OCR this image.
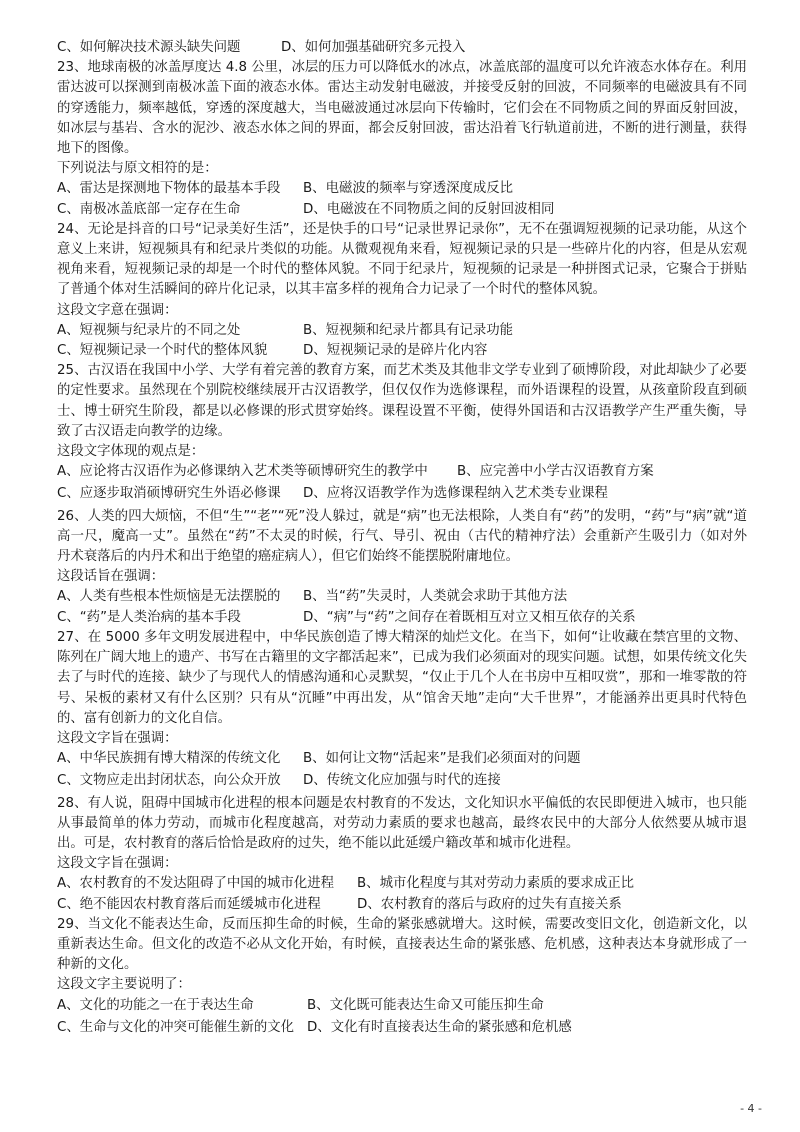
C、如何解决技术源头缺失问题	D、如何加强基础研究多元投入

23、地球南极的冰盖厚度达 4.8 公里，冰层的压力可以降低水的冰点，冰盖底部的温度可以允许液态水体存在。利用雷达波可以探测到南极冰盖下面的液态水体。雷达主动发射电磁波，并接受反射的回波，不同频率的电磁波具有不同的穿透能力，频率越低，穿透的深度越大，当电磁波通过冰层向下传输时，它们会在不同物质之间的界面反射回波，如冰层与基岩、含水的泥沙、液态水体之间的界面，都会反射回波，雷达沿着飞行轨道前进，不断的进行测量，获得地下的图像。

下列说法与原文相符的是：

A、雷达是探测地下物体的最基本手段	B、电磁波的频率与穿透深度成反比
C、南极冰盖底部一定存在生命	D、电磁波在不同物质之间的反射回波相同

24、无论是抖音的口号“记录美好生活”，还是快手的口号“记录世界记录你”，无不在强调短视频的记录功能，从这个意义上来讲，短视频具有和纪录片类似的功能。从微观视角来看，短视频记录的只是一些碎片化的内容，但是从宏观视角来看，短视频记录的却是一个时代的整体风貌。不同于纪录片，短视频的记录是一种拼图式记录，它聚合于拼贴了普通个体对生活瞬间的碎片化记录，以其丰富多样的视角合力记录了一个时代的整体风貌。

这段文字意在强调：

A、短视频与纪录片的不同之处	B、短视频和纪录片都具有记录功能
C、短视频记录一个时代的整体风貌	D、短视频记录的是碎片化内容

25、古汉语在我国中小学、大学有着完善的教育方案，而艺术类及其他非文学专业到了硕博阶段，对此却缺少了必要的定性要求。虽然现在个别院校继续展开古汉语教学，但仅仅作为选修课程，而外语课程的设置，从孩童阶段直到硕士、博士研究生阶段，都是以必修课的形式贯穿始终。课程设置不平衡，使得外国语和古汉语教学产生严重失衡，导致了古汉语走向教学的边缘。

这段文字体现的观点是：

A、应论将古汉语作为必修课纳入艺术类等硕博研究生的教学中	B、应完善中小学古汉语教育方案
C、应逐步取消硕博研究生外语必修课	D、应将汉语教学作为选修课程纳入艺术类专业课程

26、人类的四大烦恼，不但“生”“老”“死”没人躲过，就是“病”也无法根除，人类自有“药”的发明，“药”与“病”就“道高一尺，魔高一丈”。虽然在“药”不太灵的时候，行气、导引、祝由（古代的精神疗法）会重新产生吸引力（如对外丹术衰落后的内丹术和出于绝望的癌症病人），但它们始终不能摆脱附庸地位。

这段话旨在强调：

A、人类有些根本性烦恼是无法摆脱的	B、当“药”失灵时，人类就会求助于其他方法
C、“药”是人类治病的基本手段	D、“病”与“药”之间存在着既相互对立又相互依存的关系

27、在 5000 多年文明发展进程中，中华民族创造了博大精深的灿烂文化。在当下，如何“让收藏在禁宫里的文物、陈列在广阔大地上的遗产、书写在古籍里的文字都活起来”，已成为我们必须面对的现实问题。试想，如果传统文化失去了与时代的连接、缺少了与现代人的情感沟通和心灵默契，“仅止于几个人在书房中互相叹赏”，那和一堆零散的符号、呆板的素材又有什么区别？只有从“沉睡”中再出发，从“馆舍天地”走向“大千世界”，才能涵养出更具时代特色的、富有创新力的文化自信。

这段文字旨在强调：

A、中华民族拥有博大精深的传统文化	B、如何让文物“活起来”是我们必须面对的问题
C、文物应走出封闭状态，向公众开放	D、传统文化应加强与时代的连接

28、有人说，阻碍中国城市化进程的根本问题是农村教育的不发达，文化知识水平偏低的农民即便进入城市，也只能从事最简单的体力劳动，而城市化程度越高，对劳动力素质的要求也越高，最终农民中的大部分人依然要从城市退出。可是，农村教育的落后恰恰是政府的过失，绝不能以此延缓户籍改革和城市化进程。

这段文字旨在强调：

A、农村教育的不发达阻碍了中国的城市化进程	B、城市化程度与其对劳动力素质的要求成正比
C、绝不能因农村教育落后而延缓城市化进程	D、农村教育的落后与政府的过失有直接关系

29、当文化不能表达生命，反而压抑生命的时候，生命的紧张感就增大。这时候，需要改变旧文化，创造新文化，以重新表达生命。但文化的改造不必从文化开始，有时候，直接表达生命的紧张感、危机感，这种表达本身就形成了一种新的文化。

这段文字主要说明了：

A、文化的功能之一在于表达生命	B、文化既可能表达生命又可能压抑生命
C、生命与文化的冲突可能催生新的文化 D、文化有时直接表达生命的紧张感和危机感
- 4 -
